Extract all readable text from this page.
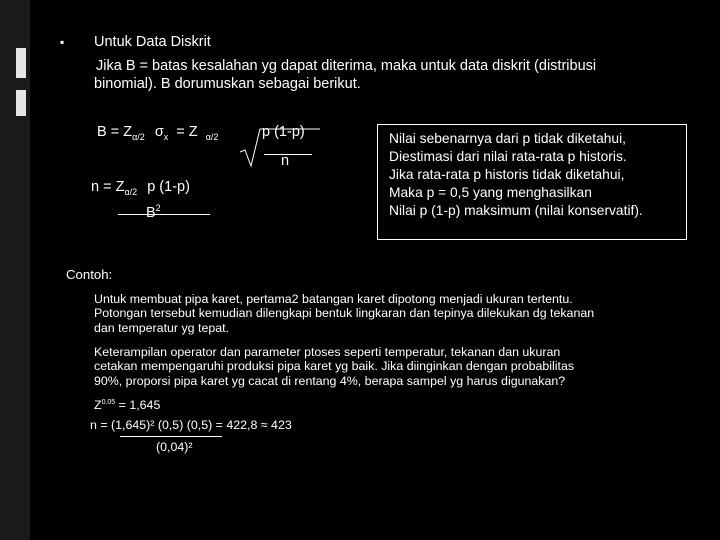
▪ Untuk Data Diskrit
Jika B = batas kesalahan yg dapat diterima, maka untuk data diskrit (distribusi
binomial). B dorumuskan sebagai berikut.
$B = Z_{\alpha/2}$ $\sigma_x = Z$ $_{\alpha/2}$	p (1-p)
n
$n = Z_{\alpha/2}$ p (1-p)
$B^2$
Nilai sebenarnya dari p tidak diketahui,
Diestimasi dari nilai rata-rata p historis.
Jika rata-rata p historis tidak diketahui,
Maka p = 0,5 yang menghasilkan
Nilai p (1-p) maksimum (nilai konservatif).
Contoh:
Untuk membuat pipa karet, pertama2 batangan karet dipotong menjadi ukuran tertentu.
Potongan tersebut kemudian dilengkapi bentuk lingkaran dan tepinya dilekukan dg tekanan
dan temperatur yg tepat.
Keterampilan operator dan parameter ptoses seperti temperatur, tekanan dan ukuran
cetakan mempengaruhi produksi pipa karet yg baik. Jika diinginkan dengan probabilitas
90%, proporsi pipa karet yg cacat di rentang 4%, berapa sampel yg harus digunakan?
$Z^{0.05} = 1,645$
n = (1,645)² (0,5) (0,5) = 422,8 ≈ 423
(0,04)²
